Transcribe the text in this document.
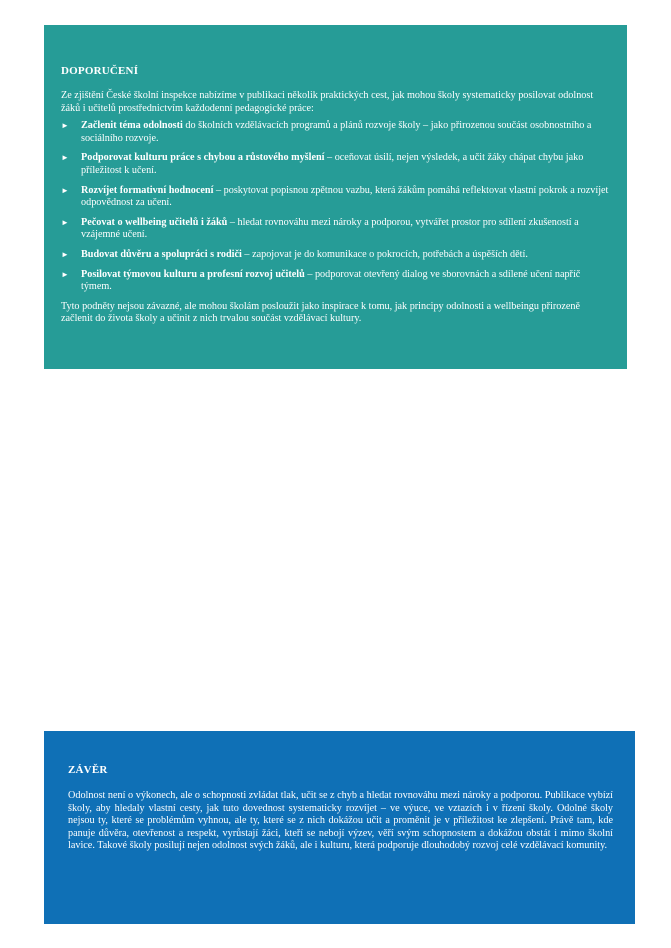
DOPORUČENÍ

Ze zjištění České školní inspekce nabízíme v publikaci několik praktických cest, jak mohou školy systematicky posilovat odolnost žáků i učitelů prostřednictvím každodenní pedagogické práce:

► Začlenit téma odolnosti do školních vzdělávacích programů a plánů rozvoje školy – jako přirozenou součást osobnostního a sociálního rozvoje.
► Podporovat kulturu práce s chybou a růstového myšlení – oceňovat úsilí, nejen výsledek, a učit žáky chápat chybu jako příležitost k učení.
► Rozvíjet formativní hodnocení – poskytovat popisnou zpětnou vazbu, která žákům pomáhá reflektovat vlastní pokrok a rozvíjet odpovědnost za učení.
► Pečovat o wellbeing učitelů i žáků – hledat rovnováhu mezi nároky a podporou, vytvářet prostor pro sdílení zkušeností a vzájemné učení.
► Budovat důvěru a spolupráci s rodiči – zapojovat je do komunikace o pokrocích, potřebách a úspěších dětí.
► Posilovat týmovou kulturu a profesní rozvoj učitelů – podporovat otevřený dialog ve sborovnách a sdílené učení napříč týmem.

Tyto podněty nejsou závazné, ale mohou školám posloužit jako inspirace k tomu, jak principy odolnosti a wellbeingu přirozeně začlenit do života školy a učinit z nich trvalou součást vzdělávací kultury.

ZÁVĚR

Odolnost není o výkonech, ale o schopnosti zvládat tlak, učit se z chyb a hledat rovnováhu mezi nároky a podporou. Publikace vybízí školy, aby hledaly vlastní cesty, jak tuto dovednost systematicky rozvíjet – ve výuce, ve vztazích i v řízení školy. Odolné školy nejsou ty, které se problémům vyhnou, ale ty, které se z nich dokážou učit a proměnit je v příležitost ke zlepšení. Právě tam, kde panuje důvěra, otevřenost a respekt, vyrůstají žáci, kteří se nebojí výzev, věří svým schopnostem a dokážou obstát i mimo školní lavice. Takové školy posilují nejen odolnost svých žáků, ale i kulturu, která podporuje dlouhodobý rozvoj celé vzdělávací komunity.
